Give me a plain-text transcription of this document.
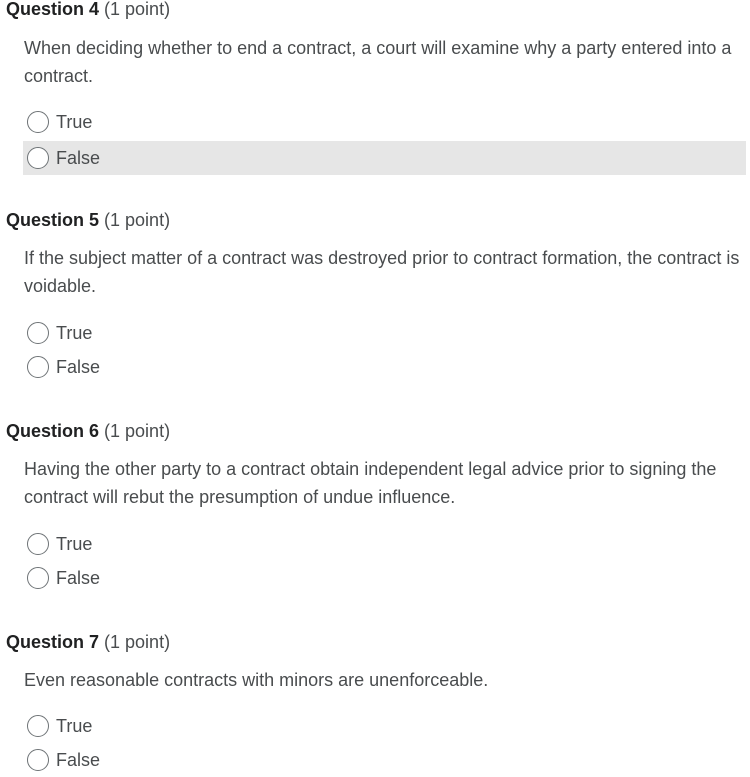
Question 4 (1 point)
When deciding whether to end a contract, a court will examine why a party entered into a contract.
True
False
Question 5 (1 point)
If the subject matter of a contract was destroyed prior to contract formation, the contract is voidable.
True
False
Question 6 (1 point)
Having the other party to a contract obtain independent legal advice prior to signing the contract will rebut the presumption of undue influence.
True
False
Question 7 (1 point)
Even reasonable contracts with minors are unenforceable.
True
False
